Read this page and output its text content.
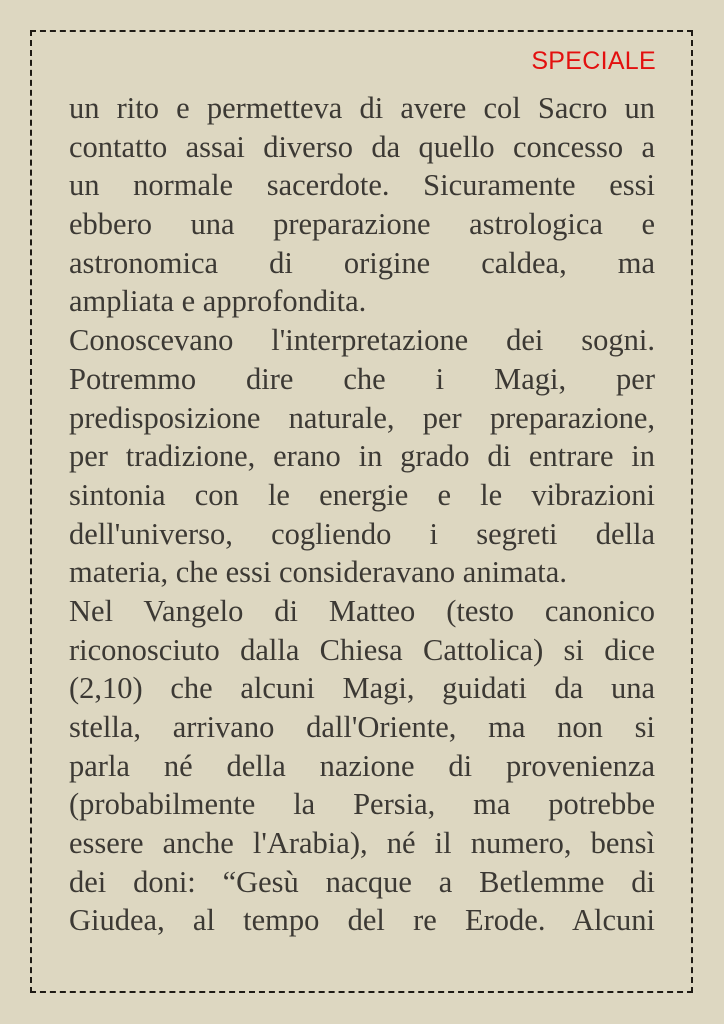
SPECIALE
un rito e permetteva di avere col Sacro un
contatto assai diverso da quello concesso a
un normale sacerdote. Sicuramente essi
ebbero una preparazione astrologica e
astronomica di origine caldea, ma
ampliata e approfondita.
Conoscevano l'interpretazione dei sogni.
Potremmo dire che i Magi, per
predisposizione naturale, per preparazione,
per tradizione, erano in grado di entrare in
sintonia con le energie e le vibrazioni
dell'universo, cogliendo i segreti della
materia, che essi consideravano animata.
Nel Vangelo di Matteo (testo canonico
riconosciuto dalla Chiesa Cattolica) si dice
(2,10) che alcuni Magi, guidati da una
stella, arrivano dall'Oriente, ma non si
parla né della nazione di provenienza
(probabilmente la Persia, ma potrebbe
essere anche l'Arabia), né il numero, bensì
dei doni: “Gesù nacque a Betlemme di
Giudea, al tempo del re Erode. Alcuni
